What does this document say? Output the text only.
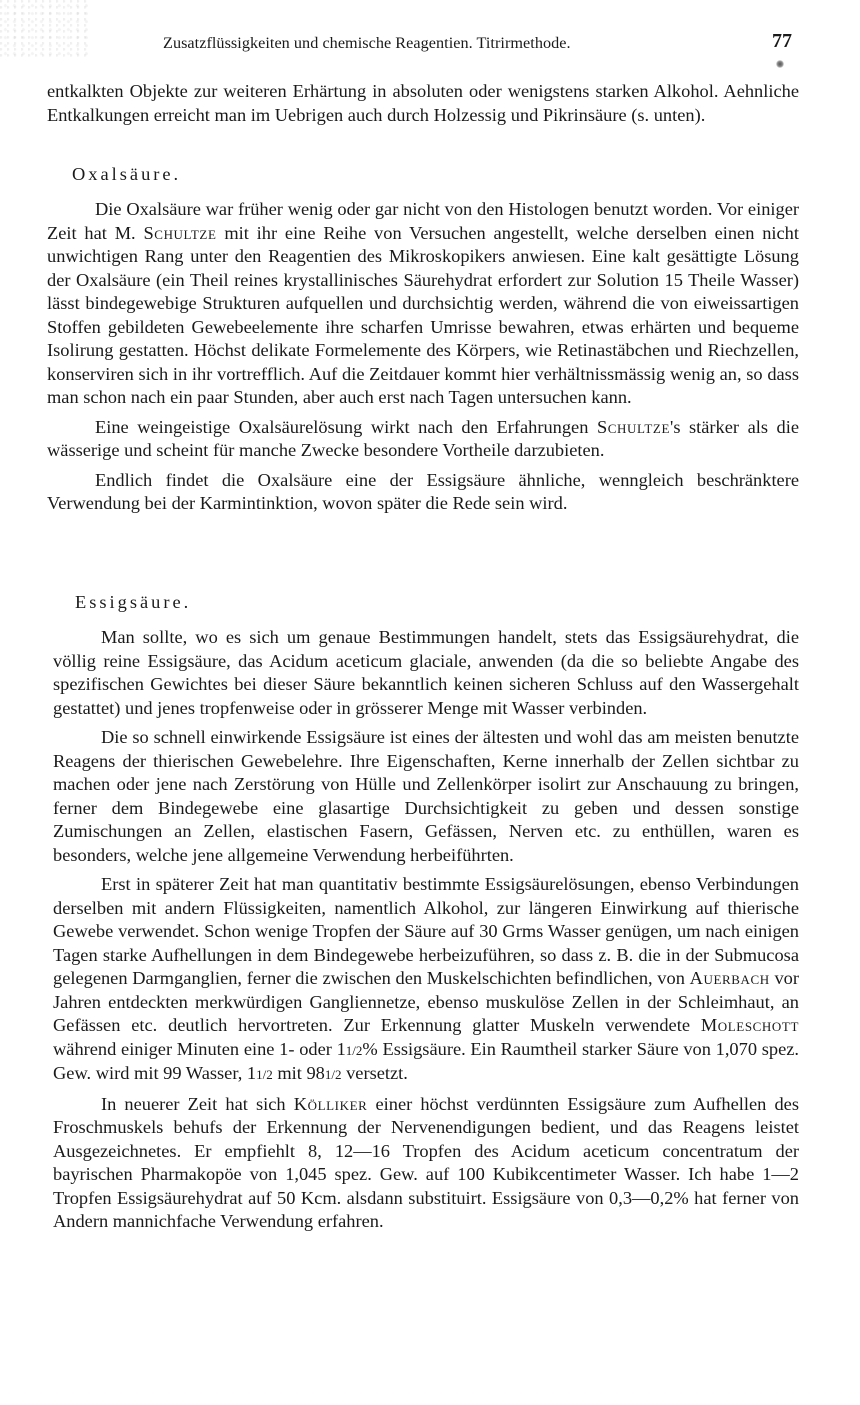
Zusatzflüssigkeiten und chemische Reagentien. Titrirmethode.	77

entkalkten Objekte zur weiteren Erhärtung in absoluten oder wenigstens starken Alkohol. Aehnliche Entkalkungen erreicht man im Uebrigen auch durch Holzessig und Pikrinsäure (s. unten).

Oxalsäure.

Die Oxalsäure war früher wenig oder gar nicht von den Histologen benutzt worden. Vor einiger Zeit hat M. Schultze mit ihr eine Reihe von Versuchen angestellt, welche derselben einen nicht unwichtigen Rang unter den Reagentien des Mikroskopikers anwiesen. Eine kalt gesättigte Lösung der Oxalsäure (ein Theil reines krystallinisches Säurehydrat erfordert zur Solution 15 Theile Wasser) lässt bindegewebige Strukturen aufquellen und durchsichtig werden, während die von eiweissartigen Stoffen gebildeten Gewebeelemente ihre scharfen Umrisse bewahren, etwas erhärten und bequeme Isolirung gestatten. Höchst delikate Formelemente des Körpers, wie Retinastäbchen und Riechzellen, konserviren sich in ihr vortrefflich. Auf die Zeitdauer kommt hier verhältnissmässig wenig an, so dass man schon nach ein paar Stunden, aber auch erst nach Tagen untersuchen kann.

Eine weingeistige Oxalsäurelösung wirkt nach den Erfahrungen Schultze's stärker als die wässerige und scheint für manche Zwecke besondere Vortheile darzubieten.

Endlich findet die Oxalsäure eine der Essigsäure ähnliche, wenngleich beschränktere Verwendung bei der Karmintinktion, wovon später die Rede sein wird.

Essigsäure.

Man sollte, wo es sich um genaue Bestimmungen handelt, stets das Essigsäurehydrat, die völlig reine Essigsäure, das Acidum aceticum glaciale, anwenden (da die so beliebte Angabe des spezifischen Gewichtes bei dieser Säure bekanntlich keinen sicheren Schluss auf den Wassergehalt gestattet) und jenes tropfenweise oder in grösserer Menge mit Wasser verbinden.

Die so schnell einwirkende Essigsäure ist eines der ältesten und wohl das am meisten benutzte Reagens der thierischen Gewebelehre. Ihre Eigenschaften, Kerne innerhalb der Zellen sichtbar zu machen oder jene nach Zerstörung von Hülle und Zellenkörper isolirt zur Anschauung zu bringen, ferner dem Bindegewebe eine glasartige Durchsichtigkeit zu geben und dessen sonstige Zumischungen an Zellen, elastischen Fasern, Gefässen, Nerven etc. zu enthüllen, waren es besonders, welche jene allgemeine Verwendung herbeiführten.

Erst in späterer Zeit hat man quantitativ bestimmte Essigsäurelösungen, ebenso Verbindungen derselben mit andern Flüssigkeiten, namentlich Alkohol, zur längeren Einwirkung auf thierische Gewebe verwendet. Schon wenige Tropfen der Säure auf 30 Grms Wasser genügen, um nach einigen Tagen starke Aufhellungen in dem Bindegewebe herbeizuführen, so dass z. B. die in der Submucosa gelegenen Darmganglien, ferner die zwischen den Muskelschichten befindlichen, von Auerbach vor Jahren entdeckten merkwürdigen Gangliennetze, ebenso muskulöse Zellen in der Schleimhaut, an Gefässen etc. deutlich hervortreten. Zur Erkennung glatter Muskeln verwendete Moleschott während einiger Minuten eine 1- oder 11/2% Essigsäure. Ein Raumtheil starker Säure von 1,070 spez. Gew. wird mit 99 Wasser, 11/2 mit 981/2 versetzt.

In neuerer Zeit hat sich Kölliker einer höchst verdünnten Essigsäure zum Aufhellen des Froschmuskels behufs der Erkennung der Nervenendigungen bedient, und das Reagens leistet Ausgezeichnetes. Er empfiehlt 8, 12—16 Tropfen des Acidum aceticum concentratum der bayrischen Pharmakopöe von 1,045 spez. Gew. auf 100 Kubikcentimeter Wasser. Ich habe 1—2 Tropfen Essigsäurehydrat auf 50 Kcm. alsdann substituirt. Essigsäure von 0,3—0,2% hat ferner von Andern mannichfache Verwendung erfahren.
